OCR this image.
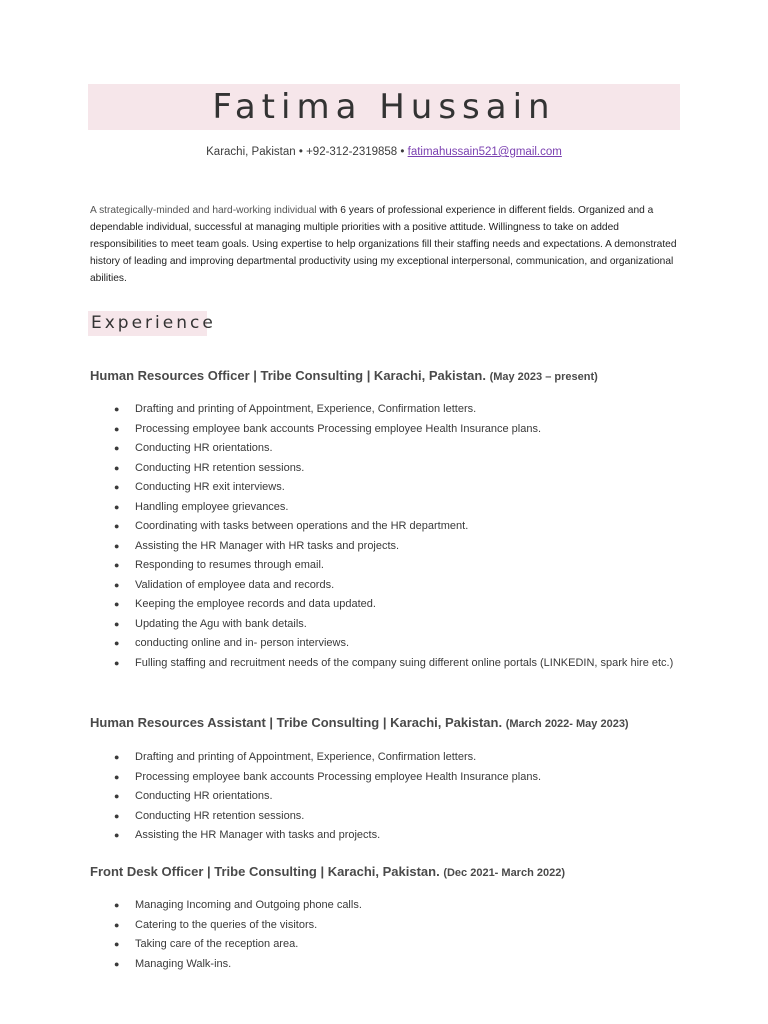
Fatima Hussain
Karachi, Pakistan • +92-312-2319858 • fatimahussain521@gmail.com
A strategically-minded and hard-working individual with 6 years of professional experience in different fields. Organized and a dependable individual, successful at managing multiple priorities with a positive attitude. Willingness to take on added responsibilities to meet team goals. Using expertise to help organizations fill their staffing needs and expectations. A demonstrated history of leading and improving departmental productivity using my exceptional interpersonal, communication, and organizational abilities.
Experience
Human Resources Officer | Tribe Consulting | Karachi, Pakistan. (May 2023 – present)
● Drafting and printing of Appointment, Experience, Confirmation letters.
● Processing employee bank accounts Processing employee Health Insurance plans.
● Conducting HR orientations.
● Conducting HR retention sessions.
● Conducting HR exit interviews.
● Handling employee grievances.
● Coordinating with tasks between operations and the HR department.
● Assisting the HR Manager with HR tasks and projects.
● Responding to resumes through email.
● Validation of employee data and records.
● Keeping the employee records and data updated.
● Updating the Agu with bank details.
● conducting online and in- person interviews.
● Fulling staffing and recruitment needs of the company suing different online portals (LINKEDIN, spark hire etc.)
Human Resources Assistant | Tribe Consulting | Karachi, Pakistan. (March 2022- May 2023)
● Drafting and printing of Appointment, Experience, Confirmation letters.
● Processing employee bank accounts Processing employee Health Insurance plans.
● Conducting HR orientations.
● Conducting HR retention sessions.
● Assisting the HR Manager with tasks and projects.
Front Desk Officer | Tribe Consulting | Karachi, Pakistan. (Dec 2021- March 2022)
● Managing Incoming and Outgoing phone calls.
● Catering to the queries of the visitors.
● Taking care of the reception area.
● Managing Walk-ins.
